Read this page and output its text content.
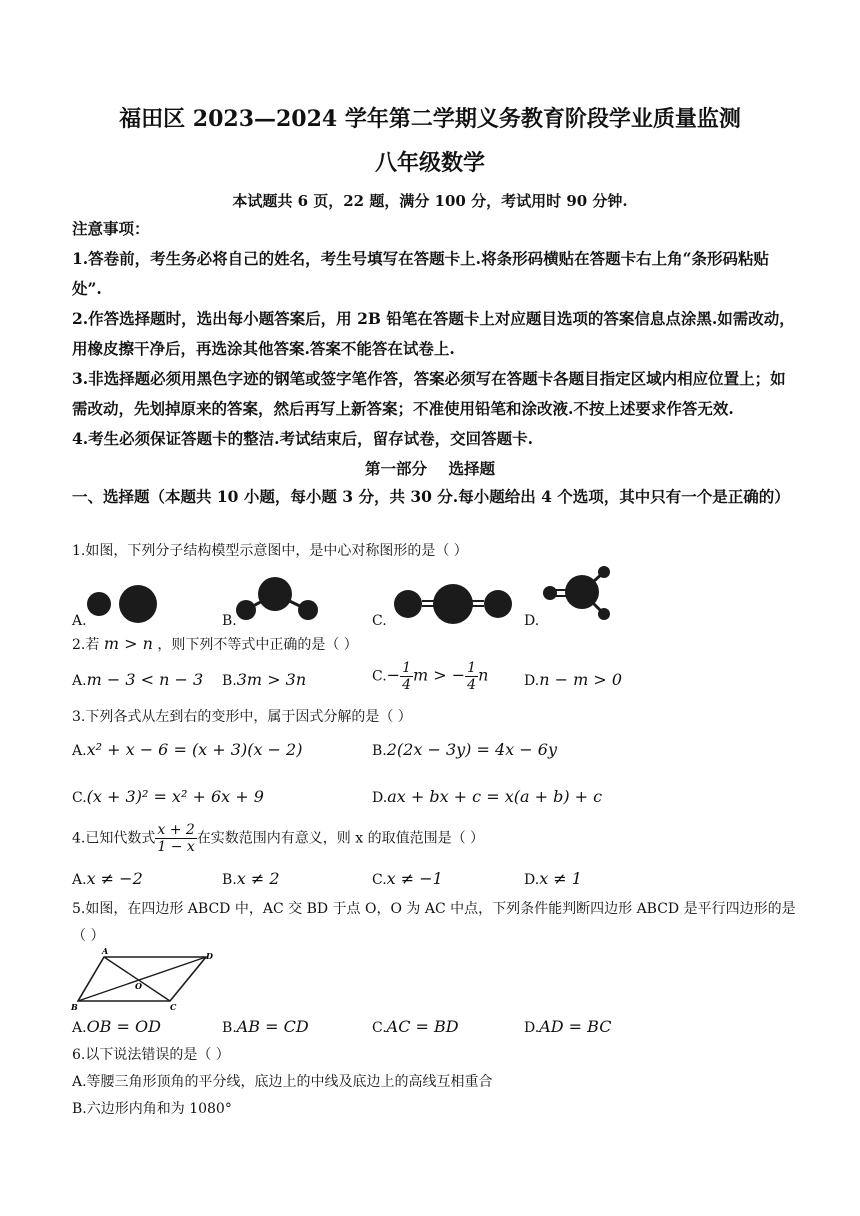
福田区 2023—2024 学年第二学期义务教育阶段学业质量监测
八年级数学
本试题共 6 页，22 题，满分 100 分，考试用时 90 分钟.

注意事项：

1.答卷前，考生务必将自己的姓名，考生号填写在答题卡上.将条形码横贴在答题卡右上角“条形码粘贴处”.

2.作答选择题时，选出每小题答案后，用 2B 铅笔在答题卡上对应题目选项的答案信息点涂黑.如需改动，用橡皮擦干净后，再选涂其他答案.答案不能答在试卷上.

3.非选择题必须用黑色字迹的钢笔或签字笔作答，答案必须写在答题卡各题目指定区域内相应位置上；如需改动，先划掉原来的答案，然后再写上新答案；不准使用铅笔和涂改液.不按上述要求作答无效.

4.考生必须保证答题卡的整洁.考试结束后，留存试卷，交回答题卡.

第一部分    选择题
一、选择题（本题共 10 小题，每小题 3 分，共 30 分.每小题给出 4 个选项，其中只有一个是正确的）
1.如图，下列分子结构模型示意图中，是中心对称图形的是（ ）
A.	B.	C.	D.
2.若 m > n ，则下列不等式中正确的是（ ）
A.m − 3 < n − 3 B.3m > 3n	$C.- \frac{1}{4}$ m > − $\frac{1}{4}$ n	D.n − m > 0
3.下列各式从左到右的变形中，属于因式分解的是（ ）
A.x² + x − 6 = (x + 3)(x − 2)	B.2(2x − 3y) = 4x − 6y
C.(x + 3)² = x² + 6x + 9	D.ax + bx + c = x(a + b) + c
4.已知代数式 $\frac{x + 2}{1 - x}$ 在实数范围内有意义，则 x 的取值范围是（ ）
A.x ≠ −2	B.x ≠ 2	C.x ≠ −1	D.x ≠ 1
5.如图，在四边形 ABCD 中，AC 交 BD 于点 O，O 为 AC 中点，下列条件能判断四边形 ABCD 是平行四边形的是（ ）
A	D
B	C
O
A.OB = OD	B.AB = CD	C.AC = BD	D.AD = BC
6.以下说法错误的是（ ）
A.等腰三角形顶角的平分线，底边上的中线及底边上的高线互相重合
B.六边形内角和为 1080°
